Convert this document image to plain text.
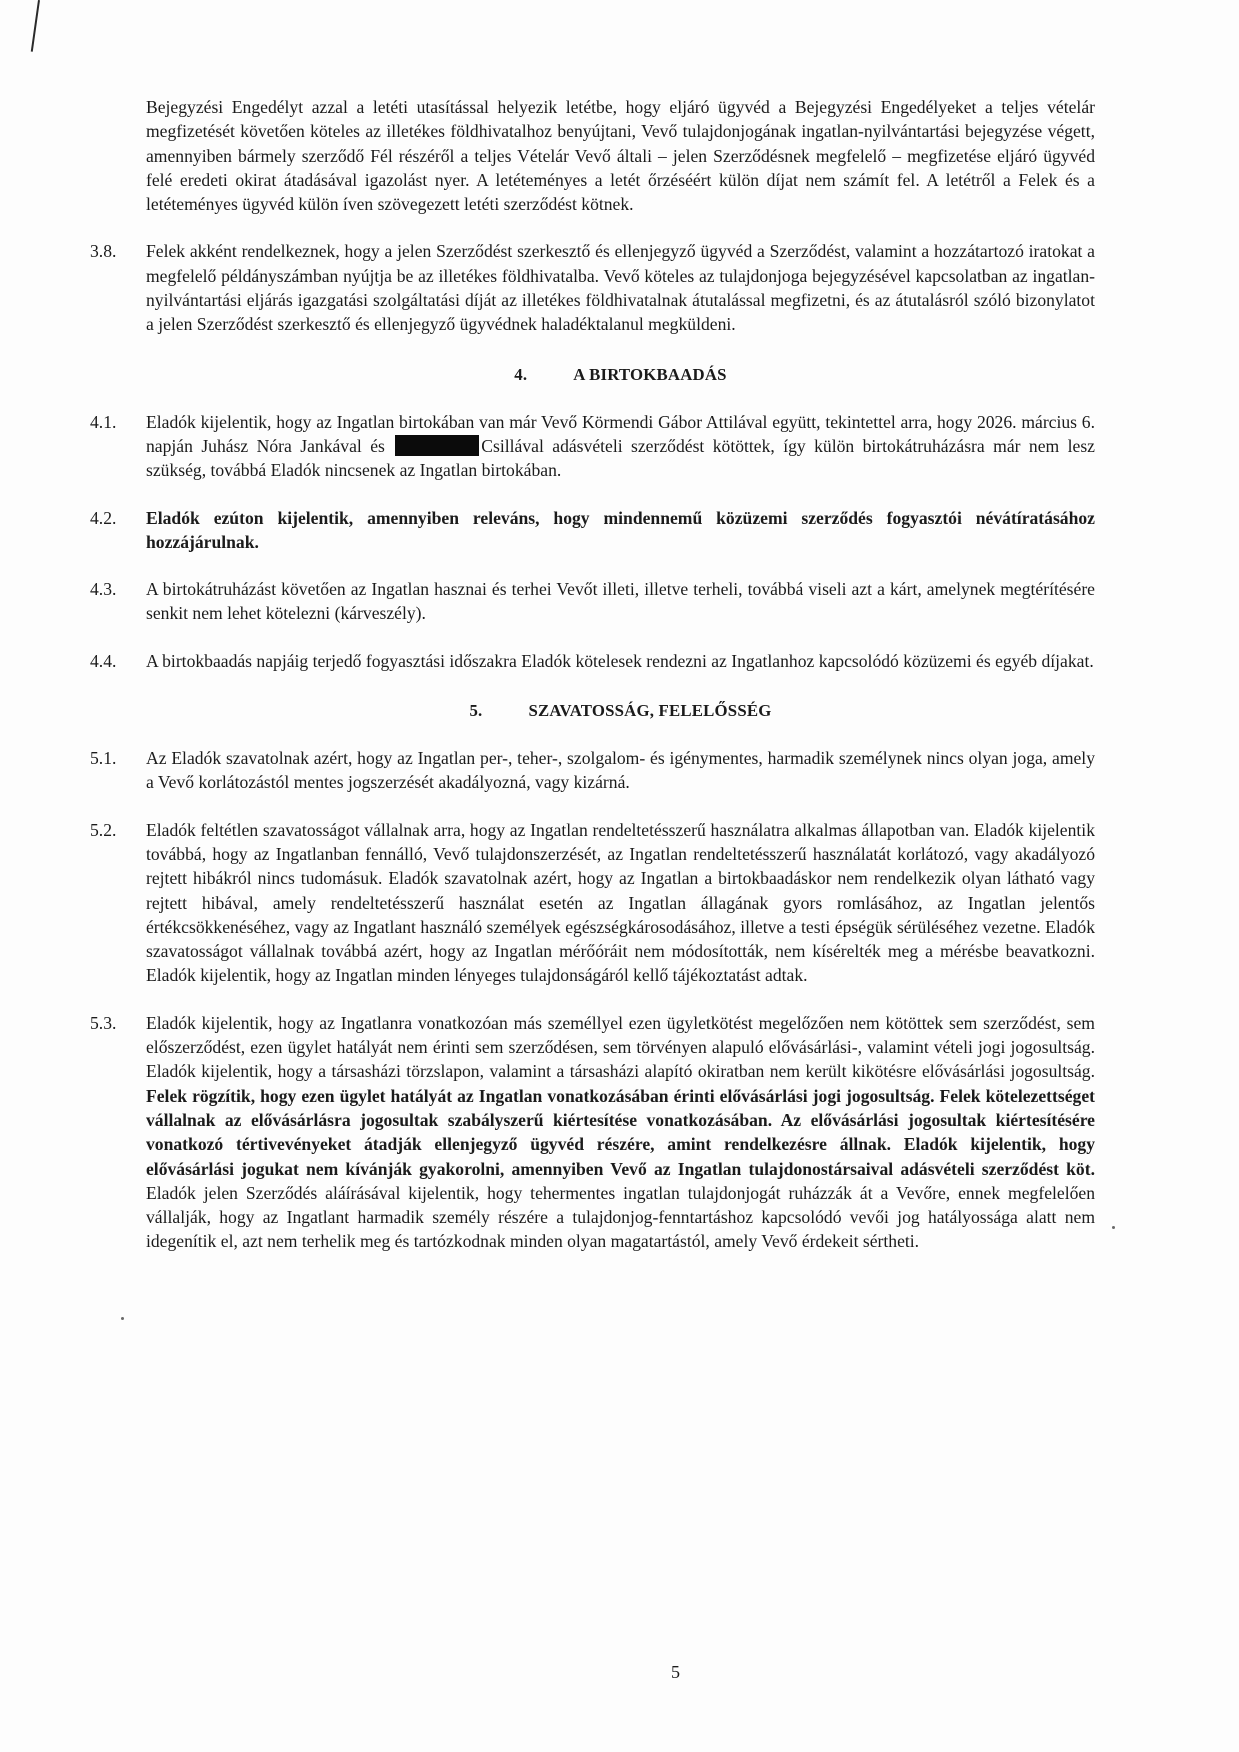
Bejegyzési Engedélyt azzal a letéti utasítással helyezik letétbe, hogy eljáró ügyvéd a Bejegyzési Engedélyeket a teljes vételár megfizetését követően köteles az illetékes földhivatalhoz benyújtani, Vevő tulajdonjogának ingatlan-nyilvántartási bejegyzése végett, amennyiben bármely szerződő Fél részéről a teljes Vételár Vevő általi – jelen Szerződésnek megfelelő – megfizetése eljáró ügyvéd felé eredeti okirat átadásával igazolást nyer. A letéteményes a letét őrzéséért külön díjat nem számít fel. A letétről a Felek és a letéteményes ügyvéd külön íven szövegezett letéti szerződést kötnek.

3.8.	Felek akként rendelkeznek, hogy a jelen Szerződést szerkesztő és ellenjegyző ügyvéd a Szerződést, valamint a hozzátartozó iratokat a megfelelő példányszámban nyújtja be az illetékes földhivatalba. Vevő köteles az tulajdonjoga bejegyzésével kapcsolatban az ingatlan-nyilvántartási eljárás igazgatási szolgáltatási díját az illetékes földhivatalnak átutalással megfizetni, és az átutalásról szóló bizonylatot a jelen Szerződést szerkesztő és ellenjegyző ügyvédnek haladéktalanul megküldeni.

4.	A BIRTOKBAADÁS
4.1.	Eladók kijelentik, hogy az Ingatlan birtokában van már Vevő Körmendi Gábor Attilával együtt, tekintettel arra, hogy 2026. március 6. napján Juhász Nóra Jankával és	Csillával adásvételi szerződést kötöttek, így külön birtokátruházásra már nem lesz szükség, továbbá Eladók nincsenek az Ingatlan birtokában.

4.2.	Eladók ezúton kijelentik, amennyiben releváns, hogy mindennemű közüzemi szerződés fogyasztói névátíratásához hozzájárulnak.

4.3.	A birtokátruházást követően az Ingatlan hasznai és terhei Vevőt illeti, illetve terheli, továbbá viseli azt a kárt, amelynek megtérítésére senkit nem lehet kötelezni (kárveszély).

4.4.	A birtokbaadás napjáig terjedő fogyasztási időszakra Eladók kötelesek rendezni az Ingatlanhoz kapcsolódó közüzemi és egyéb díjakat.

5.	SZAVATOSSÁG, FELELŐSSÉG
5.1.	Az Eladók szavatolnak azért, hogy az Ingatlan per-, teher-, szolgalom- és igénymentes, harmadik személynek nincs olyan joga, amely a Vevő korlátozástól mentes jogszerzését akadályozná, vagy kizárná.

5.2.	Eladók feltétlen szavatosságot vállalnak arra, hogy az Ingatlan rendeltetésszerű használatra alkalmas állapotban van. Eladók kijelentik továbbá, hogy az Ingatlanban fennálló, Vevő tulajdonszerzését, az Ingatlan rendeltetésszerű használatát korlátozó, vagy akadályozó rejtett hibákról nincs tudomásuk. Eladók szavatolnak azért, hogy az Ingatlan a birtokbaadáskor nem rendelkezik olyan látható vagy rejtett hibával, amely rendeltetésszerű használat esetén az Ingatlan állagának gyors romlásához, az Ingatlan jelentős értékcsökkenéséhez, vagy az Ingatlant használó személyek egészségkárosodásához, illetve a testi épségük sérüléséhez vezetne. Eladók szavatosságot vállalnak továbbá azért, hogy az Ingatlan mérőóráit nem módosították, nem kísérelték meg a mérésbe beavatkozni. Eladók kijelentik, hogy az Ingatlan minden lényeges tulajdonságáról kellő tájékoztatást adtak.

5.3.	Eladók kijelentik, hogy az Ingatlanra vonatkozóan más személlyel ezen ügyletkötést megelőzően nem kötöttek sem szerződést, sem előszerződést, ezen ügylet hatályát nem érinti sem szerződésen, sem törvényen alapuló elővásárlási-, valamint vételi jogi jogosultság. Eladók kijelentik, hogy a társasházi törzslapon, valamint a társasházi alapító okiratban nem került kikötésre elővásárlási jogosultság. Felek rögzítik, hogy ezen ügylet hatályát az Ingatlan vonatkozásában érinti elővásárlási jogi jogosultság. Felek kötelezettséget vállalnak az elővásárlásra jogosultak szabályszerű kiértesítése vonatkozásában. Az elővásárlási jogosultak kiértesítésére vonatkozó tértivevényeket átadják ellenjegyző ügyvéd részére, amint rendelkezésre állnak. Eladók kijelentik, hogy elővásárlási jogukat nem kívánják gyakorolni, amennyiben Vevő az Ingatlan tulajdonostársaival adásvételi szerződést köt. Eladók jelen Szerződés aláírásával kijelentik, hogy tehermentes ingatlan tulajdonjogát ruházzák át a Vevőre, ennek megfelelően vállalják, hogy az Ingatlant harmadik személy részére a tulajdonjog-fenntartáshoz kapcsolódó vevői jog hatályossága alatt nem idegenítik el, azt nem terhelik meg és tartózkodnak minden olyan magatartástól, amely Vevő érdekeit sértheti.

5
